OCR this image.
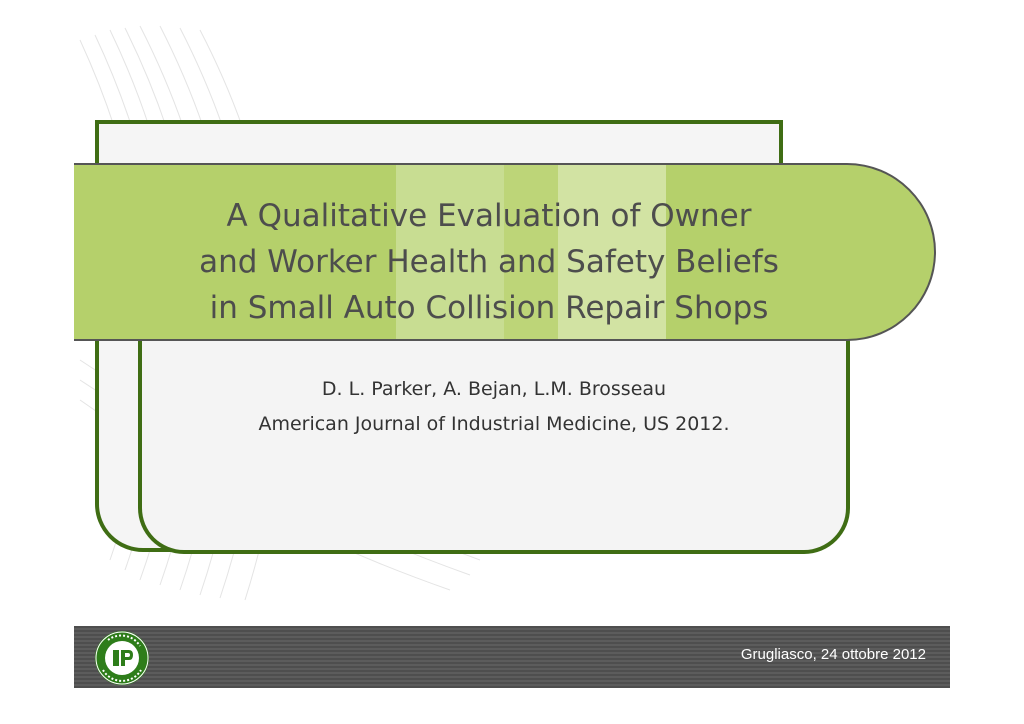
A Qualitative Evaluation of Owner
and Worker Health and Safety Beliefs
in Small Auto Collision Repair Shops
D. L. Parker, A. Bejan, L.M. Brosseau
American Journal of Industrial Medicine, US 2012.
Grugliasco, 24 ottobre 2012
